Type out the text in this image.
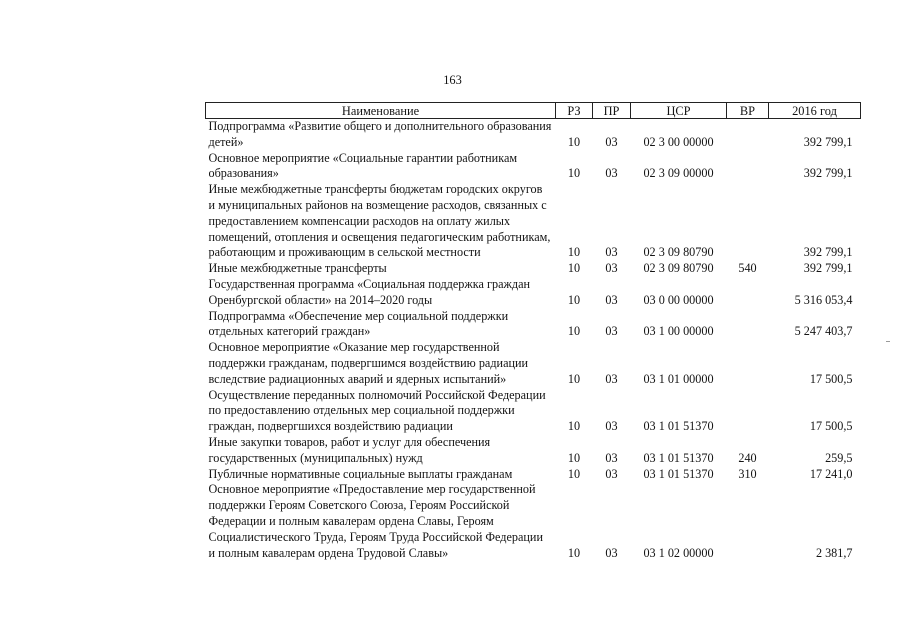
163
Наименование	РЗ	ПР	ЦСР	ВР	2016 год
Подпрограмма «Развитие общего и дополнительного образования детей»	10	03	02 3 00 00000		392 799,1
Основное мероприятие «Социальные гарантии работникам образования»	10	03	02 3 09 00000		392 799,1
Иные межбюджетные трансферты бюджетам городских округов и муниципальных районов на возмещение расходов, связанных с предоставлением компенсации расходов на оплату жилых помещений, отопления и освещения педагогическим работникам, работающим и проживающим в сельской местности	10	03	02 3 09 80790		392 799,1
Иные межбюджетные трансферты	10	03	02 3 09 80790	540	392 799,1
Государственная программа «Социальная поддержка граждан Оренбургской области» на 2014–2020 годы	10	03	03 0 00 00000		5 316 053,4
Подпрограмма «Обеспечение мер социальной поддержки отдельных категорий граждан»	10	03	03 1 00 00000		5 247 403,7
Основное мероприятие «Оказание мер государственной поддержки гражданам, подвергшимся воздействию радиации вследствие радиационных аварий и ядерных испытаний»	10	03	03 1 01 00000		17 500,5
Осуществление переданных полномочий Российской Федерации по предоставлению отдельных мер социальной поддержки граждан, подвергшихся воздействию радиации	10	03	03 1 01 51370		17 500,5
Иные закупки товаров, работ и услуг для обеспечения государственных (муниципальных) нужд	10	03	03 1 01 51370	240	259,5
Публичные нормативные социальные выплаты гражданам	10	03	03 1 01 51370	310	17 241,0
Основное мероприятие «Предоставление мер государственной поддержки Героям Советского Союза, Героям Российской Федерации и полным кавалерам ордена Славы, Героям Социалистического Труда, Героям Труда Российской Федерации и полным кавалерам ордена Трудовой Славы»	10	03	03 1 02 00000		2 381,7
